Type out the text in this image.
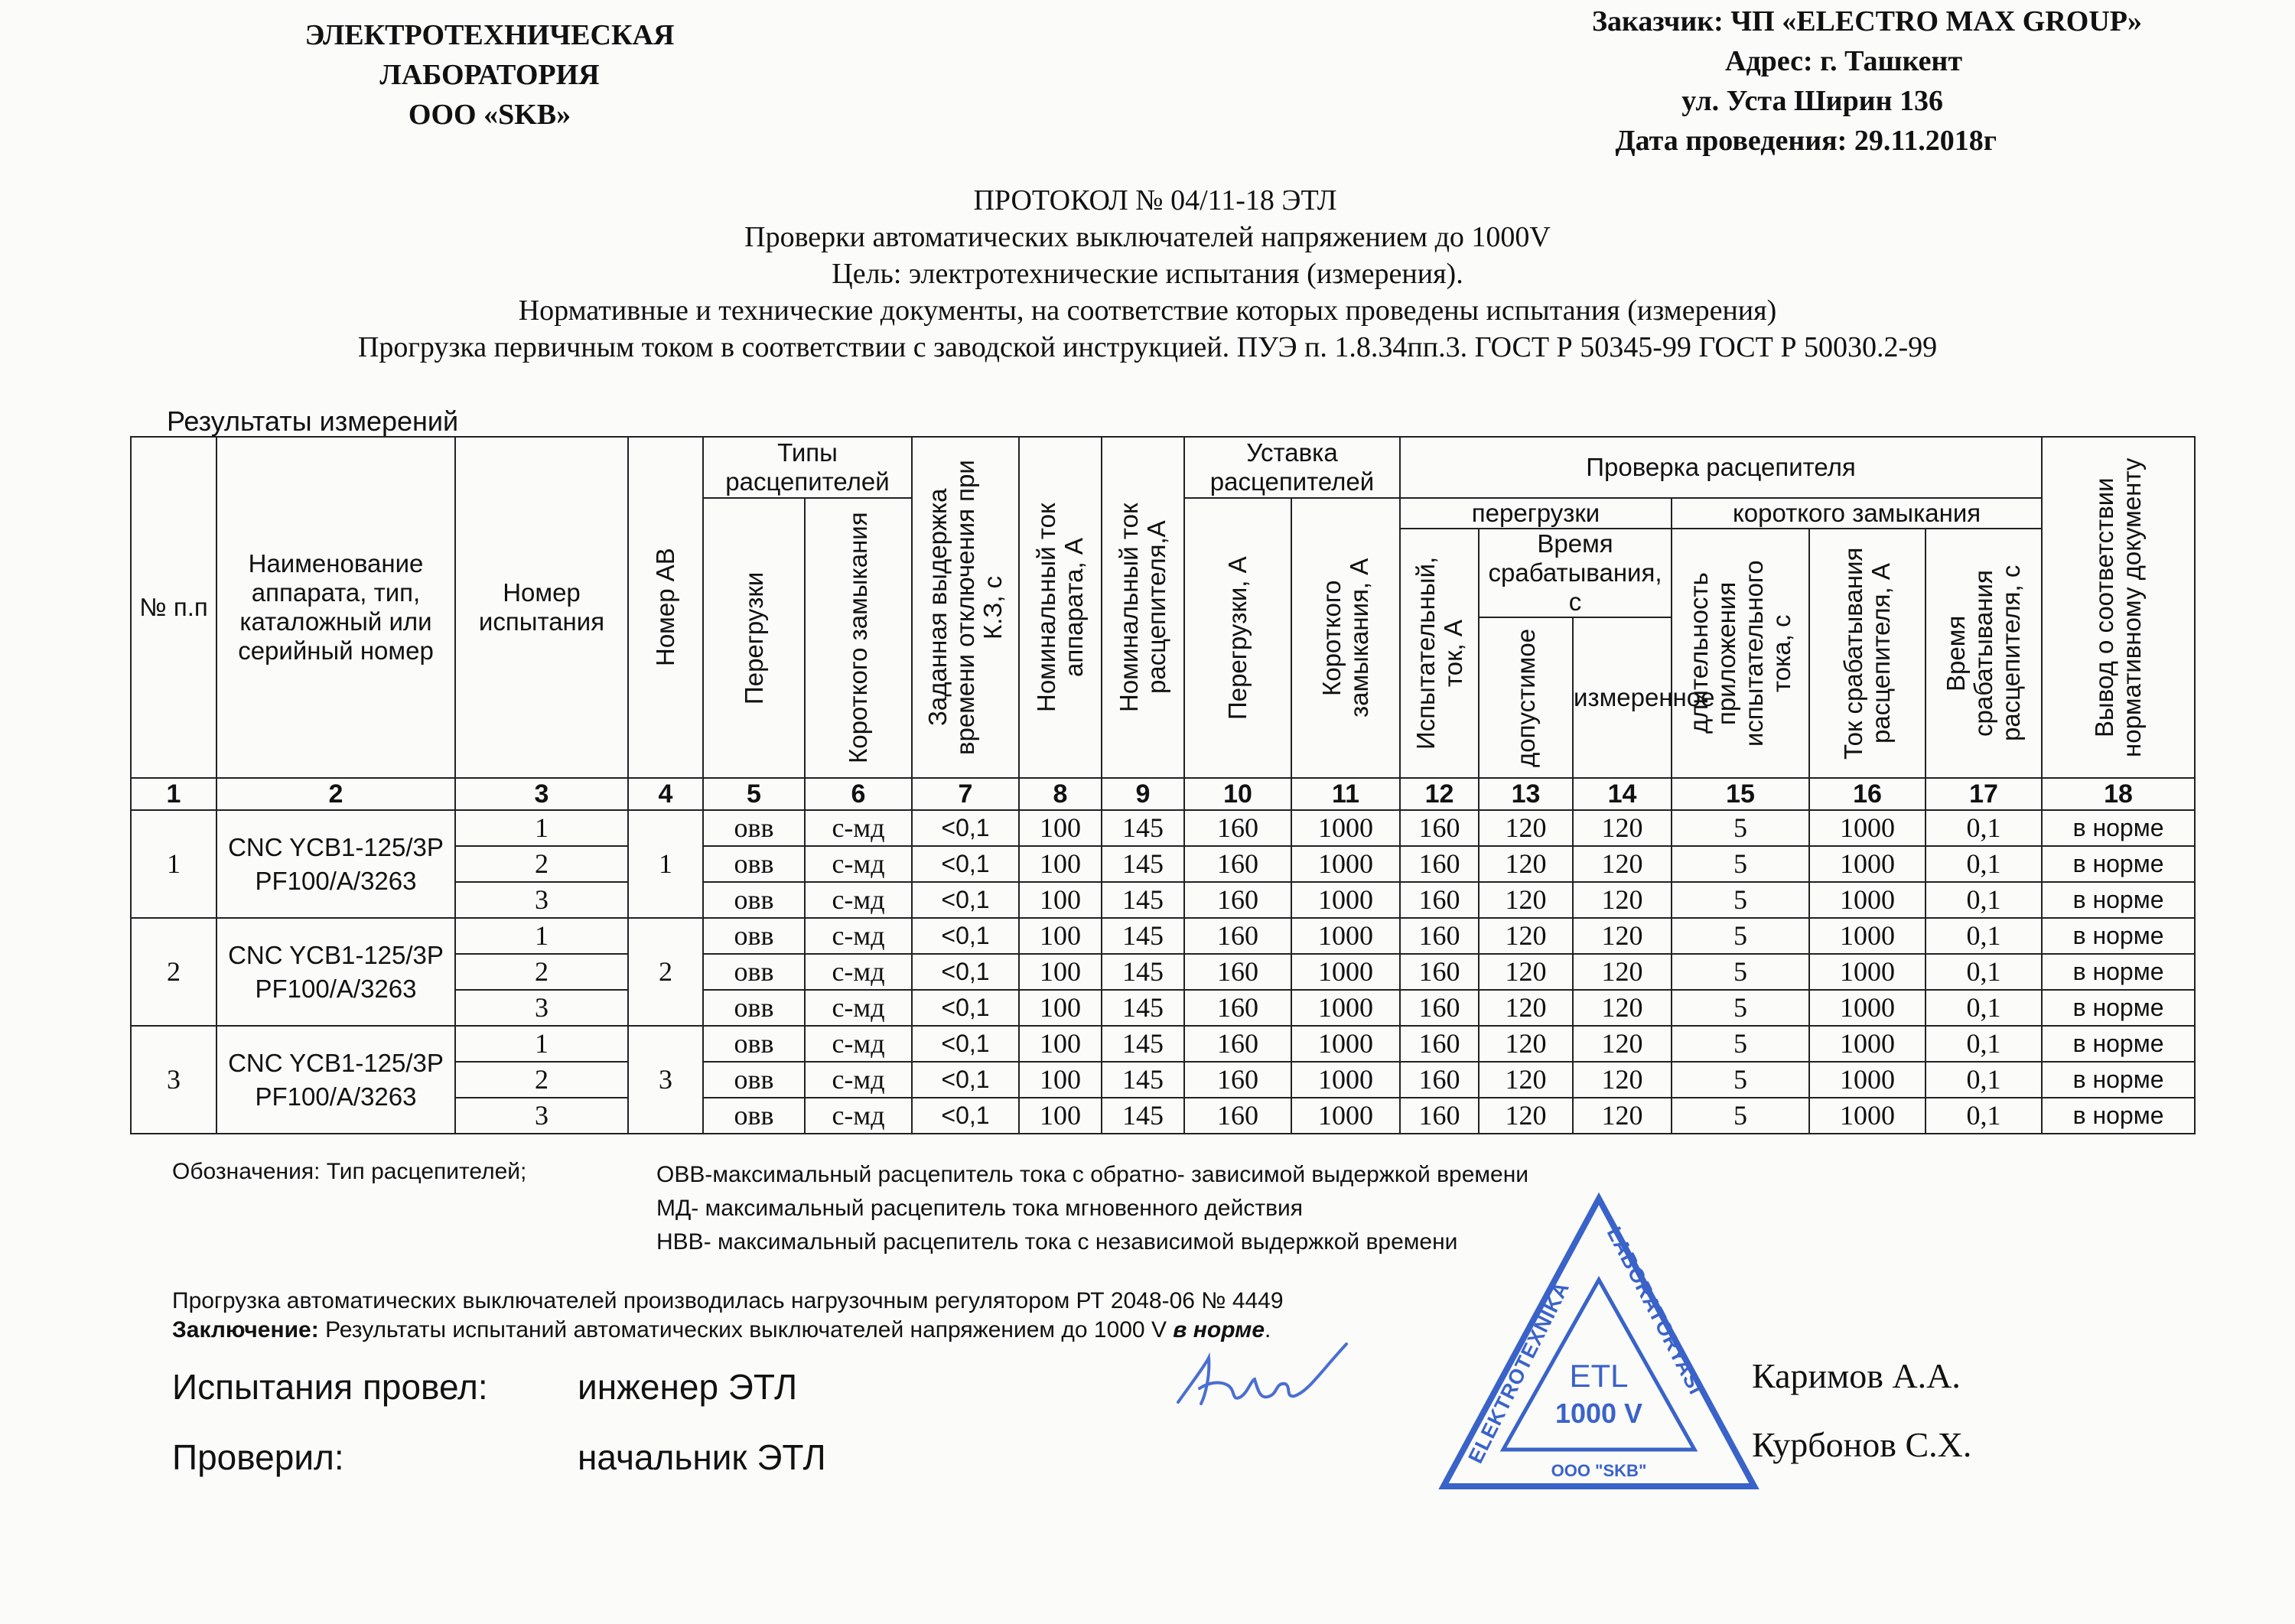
ЭЛЕКТРОТЕХНИЧЕСКАЯ
ЛАБОРАТОРИЯ
ООО «SKB»
Заказчик: ЧП «ELECTRO MAX GROUP»
Адрес: г. Ташкент
ул. Уста Ширин 136
Дата проведения: 29.11.2018г
ПРОТОКОЛ № 04/11-18 ЭТЛ
Проверки автоматических выключателей напряжением до 1000V
Цель: электротехнические испытания (измерения).
Нормативные и технические документы, на соответствие которых проведены испытания (измерения)
Прогрузка первичным током в соответствии с заводской инструкцией. ПУЭ п. 1.8.34пп.3. ГОСТ Р 50345-99 ГОСТ Р 50030.2-99
Результаты измерений
№ п.п	Наименование аппарата, тип, каталожный или серийный номер	Номер испытания	Номер АВ	Типы расцепителей		Заданная выдержка времени отключения при К.З, с	Номинальный ток аппарата, А	Номинальный ток расцепителя,А	Уставка расцепителей		Проверка расцепителя						Вывод о соответствии нормативному документу

				Перегрузки	Короткого замыкания				Перегрузки, А	Короткого замыкания, А	перегрузки			короткого замыкания			

											Испытательный, ток, А	Время срабатывания, с		длительность приложения испытательного тока, с	Ток срабатывания расцепителя, А	Время срабатывания расцепителя, с	

												допустимое	измеренное				
1	2	3	4	5	6	7	8	9	10	11	12	13	14	15	16	17	18
1	CNC YCB1-125/3P PF100/A/3263	1	1	овв	с-мд	<0,1	100	145	160	1000	160	120	120	5	1000	0,1	в норме
		2		овв	с-мд	<0,1	100	145	160	1000	160	120	120	5	1000	0,1	в норме
		3		овв	с-мд	<0,1	100	145	160	1000	160	120	120	5	1000	0,1	в норме
2	CNC YCB1-125/3P PF100/A/3263	1	2	овв	с-мд	<0,1	100	145	160	1000	160	120	120	5	1000	0,1	в норме
		2		овв	с-мд	<0,1	100	145	160	1000	160	120	120	5	1000	0,1	в норме
		3		овв	с-мд	<0,1	100	145	160	1000	160	120	120	5	1000	0,1	в норме
3	CNC YCB1-125/3P PF100/A/3263	1	3	овв	с-мд	<0,1	100	145	160	1000	160	120	120	5	1000	0,1	в норме
		2		овв	с-мд	<0,1	100	145	160	1000	160	120	120	5	1000	0,1	в норме
		3		овв	с-мд	<0,1	100	145	160	1000	160	120	120	5	1000	0,1	в норме
Обозначения: Тип расцепителей;	ОВВ-максимальный расцепитель тока с обратно- зависимой выдержкой времени
МД- максимальный расцепитель тока мгновенного действия
НВВ- максимальный расцепитель тока с независимой выдержкой времени
Прогрузка автоматических выключателей производилась нагрузочным регулятором РТ 2048-06 № 4449
Заключение: Результаты испытаний автоматических выключателей напряжением до 1000 V в норме.
Испытания провел:	инженер ЭТЛ	Каримов А.А.
Проверил:	начальник ЭТЛ	Курбонов С.Х.
ELEKTROTEXNIKA
LABORATORYASI
ETL
1000 V
ООО "SKB"
